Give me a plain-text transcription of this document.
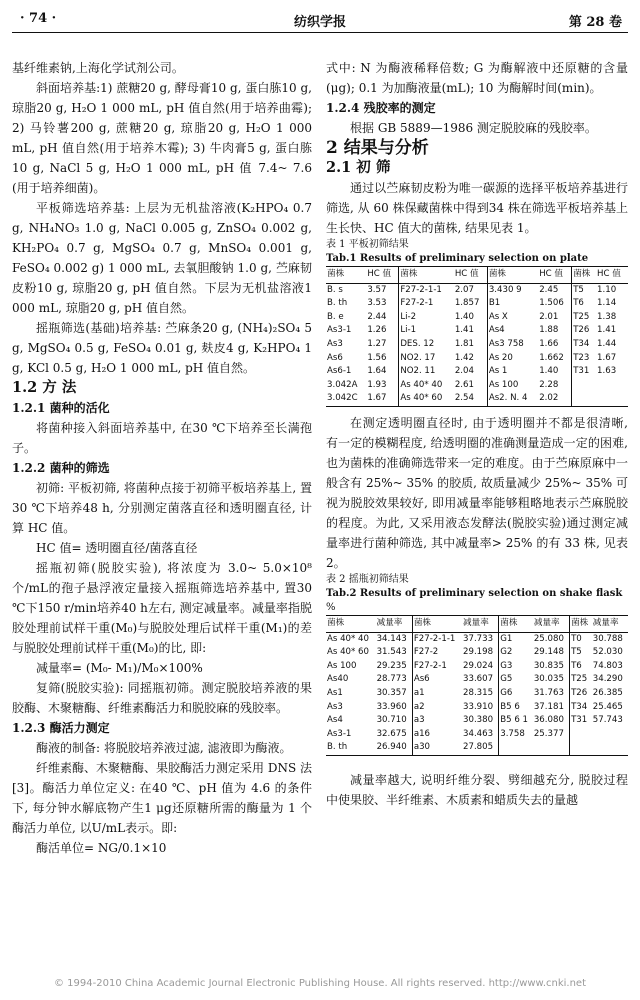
· 74 ·	纺织学报	第 28 卷

基纤维素钠,上海化学试剂公司。

斜面培养基:1) 蔗糖20 g, 酵母膏10 g, 蛋白胨10 g, 琼脂20 g, H₂O 1 000 mL, pH 值自然(用于培养曲霉); 2) 马铃薯200 g, 蔗糖20 g, 琼脂20 g, H₂O 1 000 mL, pH 值自然(用于培养木霉); 3) 牛肉膏5 g, 蛋白胨10 g, NaCl 5 g, H₂O 1 000 mL, pH 值 7.4~ 7.6 (用于培养细菌)。

平板筛选培养基: 上层为无机盐溶液(K₂HPO₄ 0.7 g, NH₄NO₃ 1.0 g, NaCl 0.005 g, ZnSO₄ 0.002 g, KH₂PO₄ 0.7 g, MgSO₄ 0.7 g, MnSO₄ 0.001 g, FeSO₄ 0.002 g) 1 000 mL, 去氧胆酸钠 1.0 g, 苎麻韧皮粉10 g, 琼脂20 g, pH 值自然。下层为无机盐溶液1 000 mL, 琼脂20 g, pH 值自然。

摇瓶筛选(基础)培养基: 苎麻条20 g, (NH₄)₂SO₄ 5 g, MgSO₄ 0.5 g, FeSO₄ 0.01 g, 麸皮4 g, K₂HPO₄ 1 g, KCl 0.5 g, H₂O 1 000 mL, pH 值自然。

1.2 方 法

1.2.1 菌种的活化

将菌种接入斜面培养基中, 在30 ℃下培养至长满孢子。

1.2.2 菌种的筛选

初筛: 平板初筛, 将菌种点接于初筛平板培养基上, 置30 ℃下培养48 h, 分别测定菌落直径和透明圈直径, 计算 HC 值。

HC 值= 透明圈直径/菌落直径

摇瓶初筛(脱胶实验), 将浓度为 3.0~ 5.0×10⁸ 个/mL的孢子悬浮液定量接入摇瓶筛选培养基中, 置30 ℃下150 r/min培养40 h左右, 测定减量率。减量率指脱胶处理前试样干重(M₀)与脱胶处理后试样干重(M₁)的差与脱胶处理前试样干重(M₀)的比, 即:

减量率= (M₀- M₁)/M₀×100%

复筛(脱胶实验): 同摇瓶初筛。测定脱胶培养液的果胶酶、木聚糖酶、纤维素酶活力和脱胶麻的残胶率。

1.2.3 酶活力测定

酶液的制备: 将脱胶培养液过滤, 滤液即为酶液。

纤维素酶、木聚糖酶、果胶酶活力测定采用 DNS 法[3]。酶活力单位定义: 在40 ℃、pH 值为 4.6 的条件下, 每分钟水解底物产生1 μg还原糖所需的酶量为 1 个酶活力单位, 以U/mL表示。即:

酶活单位= NG/0.1×10

式中: N 为酶液稀释倍数; G 为酶解液中还原糖的含量(μg); 0.1 为加酶液量(mL); 10 为酶解时间(min)。

1.2.4 残胶率的测定

根据 GB 5889—1986 测定脱胶麻的残胶率。

2 结果与分析

2.1 初 筛

通过以苎麻韧皮粉为唯一碳源的选择平板培养基进行筛选, 从 60 株保藏菌株中得到34 株在筛选平板培养基上生长快、HC 值大的菌株, 结果见表 1。

表 1 平板初筛结果

Tab.1 Results of preliminary selection on plate

菌株	HC 值	菌株	HC 值	菌株	HC 值	菌株	HC 值
B. s	3.57	F27-2-1-1	2.07	3.430 9	2.45	T5	1.10
B. th	3.53	F27-2-1	1.857	B1	1.506	T6	1.14
B. e	2.44	Li-2	1.40	As X	2.01	T25	1.38
As3-1	1.26	Li-1	1.41	As4	1.88	T26	1.41
As3	1.27	DES. 12	1.81	As3 758	1.66	T34	1.44
As6	1.56	NO2. 17	1.42	As 20	1.662	T23	1.67
As6-1	1.64	NO2. 11	2.04	As 1	1.40	T31	1.63
3.042A	1.93	As 40* 40	2.61	As 100	2.28		
3.042C	1.67	As 40* 60	2.54	As2. N. 4	2.02		

在测定透明圈直径时, 由于透明圈并不都是很清晰, 有一定的模糊程度, 给透明圈的准确测量造成一定的困难, 也为菌株的准确筛选带来一定的难度。由于苎麻原麻中一般含有 25%~ 35% 的胶质, 故质量减少 25%~ 35% 可视为脱胶效果较好, 即用减量率能够粗略地表示苎麻脱胶的程度。为此, 又采用液态发酵法(脱胶实验)通过测定减量率进行菌种筛选, 其中减量率> 25% 的有 33 株, 见表 2。

表 2 摇瓶初筛结果

Tab.2 Results of preliminary selection on shake flask

%

菌株	减量率	菌株	减量率	菌株	减量率	菌株	减量率
As 40* 40	34.143	F27-2-1-1	37.733	G1	25.080	T0	30.788
As 40* 60	31.543	F27-2	29.198	G2	29.148	T5	52.030
As 100	29.235	F27-2-1	29.024	G3	30.835	T6	74.803
As40	28.773	As6	33.607	G5	30.035	T25	34.290
As1	30.357	a1	28.315	G6	31.763	T26	26.385
As3	33.960	a2	33.910	B5 6	37.181	T34	25.465
As4	30.710	a3	30.380	B5 6 1	36.080	T31	57.743
As3-1	32.675	a16	34.463	3.758	25.377		
B. th	26.940	a30	27.805				

减量率越大, 说明纤维分裂、劈细越充分, 脱胶过程中使果胶、半纤维素、木质素和蜡质失去的量越

© 1994-2010 China Academic Journal Electronic Publishing House. All rights reserved. http://www.cnki.net
